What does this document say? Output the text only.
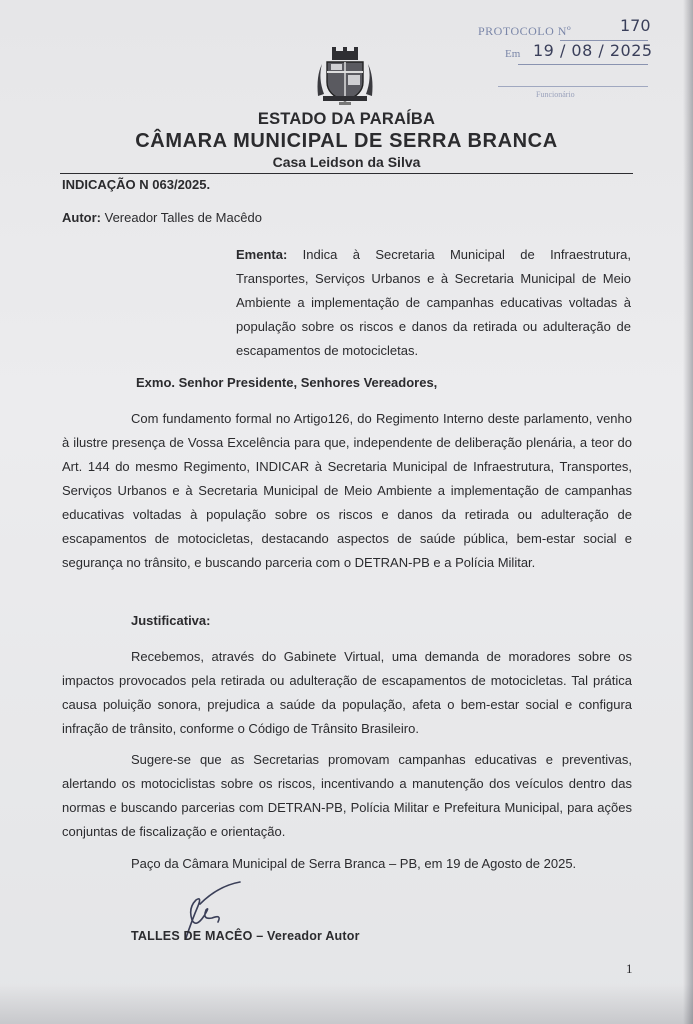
PROTOCOLO Nº	170
Em 19 / 08 / 2025
Funcionário
ESTADO DA PARAÍBA
CÂMARA MUNICIPAL DE SERRA BRANCA
Casa Leidson da Silva
INDICAÇÃO N 063/2025.
Autor: Vereador Talles de Macêdo
Ementa: Indica à Secretaria Municipal de Infraestrutura, Transportes, Serviços Urbanos e à Secretaria Municipal de Meio Ambiente a implementação de campanhas educativas voltadas à população sobre os riscos e danos da retirada ou adulteração de escapamentos de motocicletas.
Exmo. Senhor Presidente, Senhores Vereadores,
Com fundamento formal no Artigo126, do Regimento Interno deste parlamento, venho à ilustre presença de Vossa Excelência para que, independente de deliberação plenária, a teor do Art. 144 do mesmo Regimento, INDICAR à Secretaria Municipal de Infraestrutura, Transportes, Serviços Urbanos e à Secretaria Municipal de Meio Ambiente a implementação de campanhas educativas voltadas à população sobre os riscos e danos da retirada ou adulteração de escapamentos de motocicletas, destacando aspectos de saúde pública, bem-estar social e segurança no trânsito, e buscando parceria com o DETRAN-PB e a Polícia Militar.
Justificativa:
Recebemos, através do Gabinete Virtual, uma demanda de moradores sobre os impactos provocados pela retirada ou adulteração de escapamentos de motocicletas. Tal prática causa poluição sonora, prejudica a saúde da população, afeta o bem-estar social e configura infração de trânsito, conforme o Código de Trânsito Brasileiro.
Sugere-se que as Secretarias promovam campanhas educativas e preventivas, alertando os motociclistas sobre os riscos, incentivando a manutenção dos veículos dentro das normas e buscando parcerias com DETRAN-PB, Polícia Militar e Prefeitura Municipal, para ações conjuntas de fiscalização e orientação.
Paço da Câmara Municipal de Serra Branca – PB, em 19 de Agosto de 2025.
TALLES DE MACÊO – Vereador Autor
1
